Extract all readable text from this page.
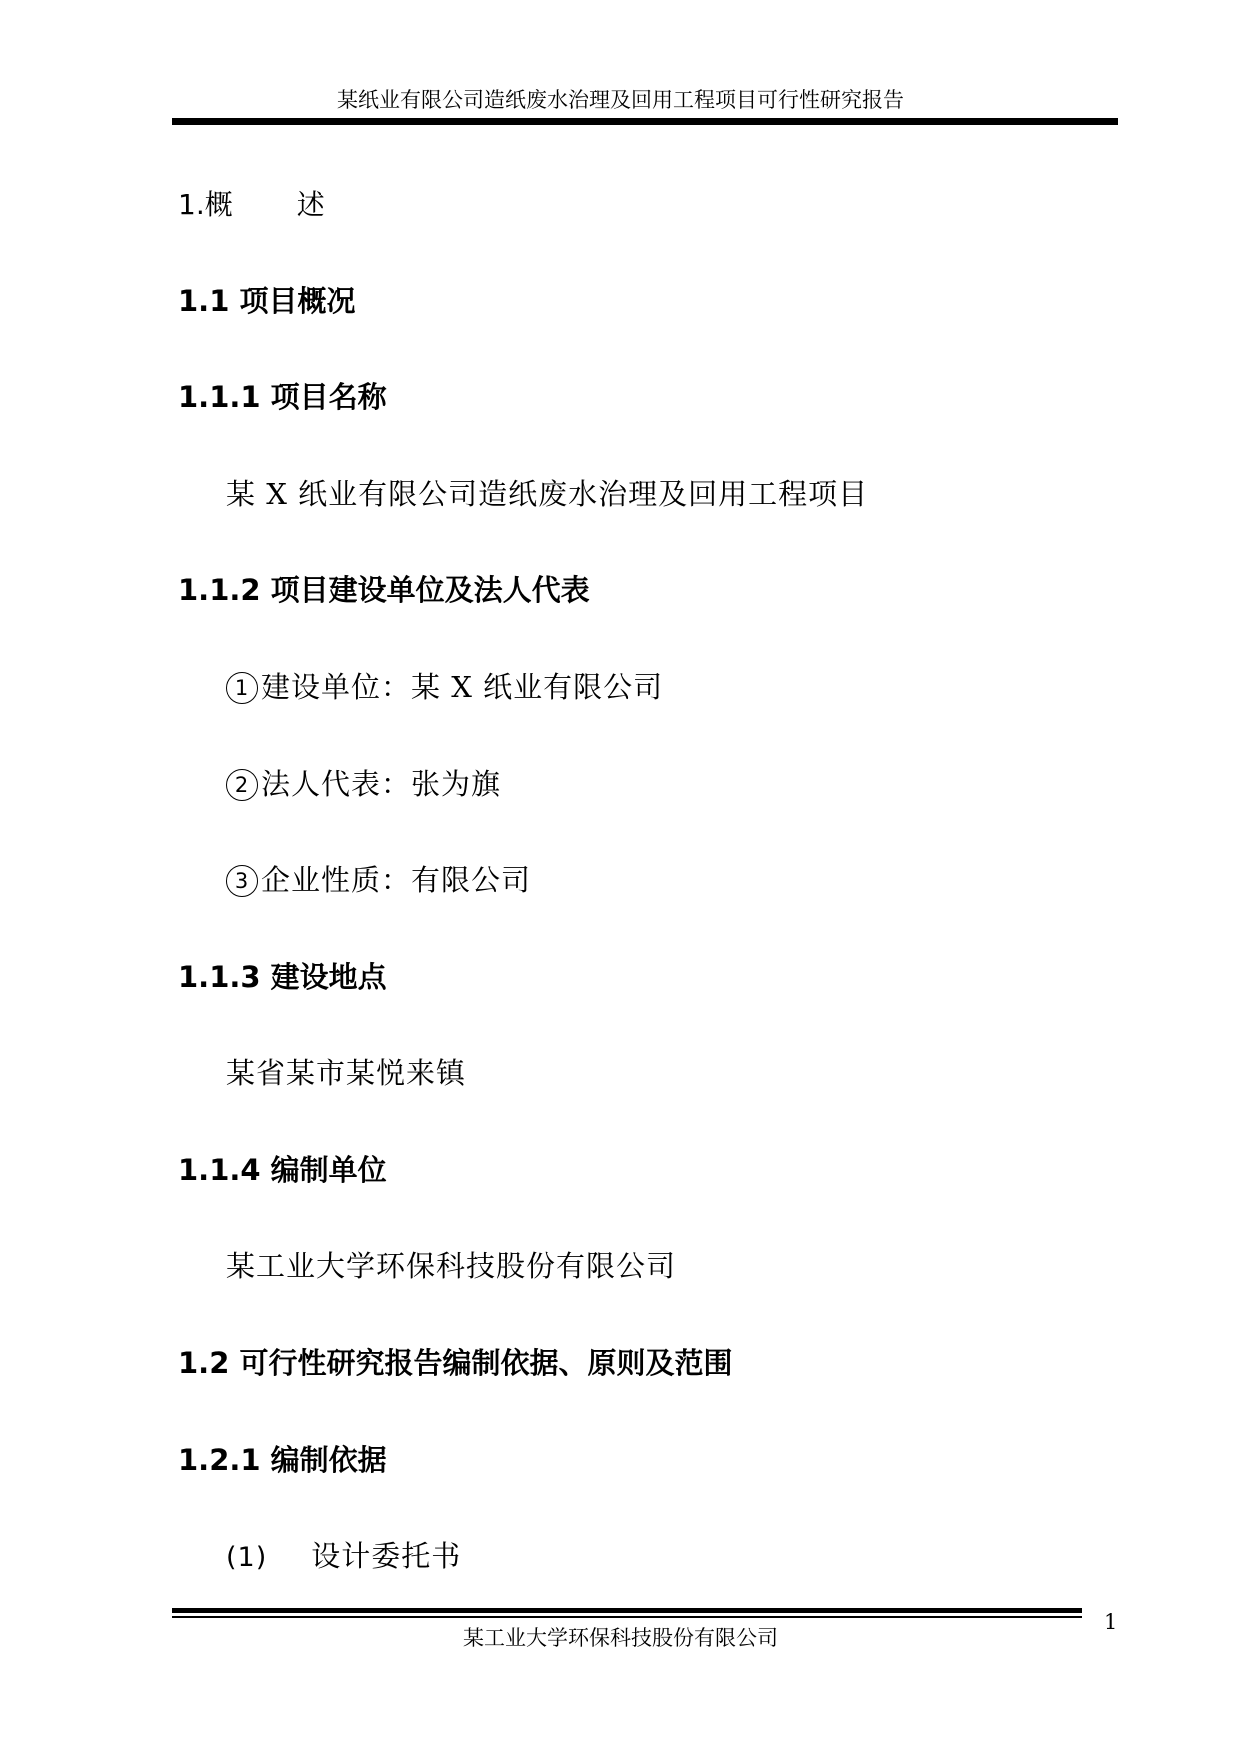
某纸业有限公司造纸废水治理及回用工程项目可行性研究报告
1.概 述
1.1 项目概况
1.1.1 项目名称
某 X 纸业有限公司造纸废水治理及回用工程项目
1.1.2 项目建设单位及法人代表
1 建设单位：某 X 纸业有限公司
2 法人代表：张为旗
3 企业性质：有限公司
1.1.3 建设地点
某省某市某悦来镇
1.1.4 编制单位
某工业大学环保科技股份有限公司
1.2 可行性研究报告编制依据、原则及范围
1.2.1 编制依据
(1) 设计委托书
1
某工业大学环保科技股份有限公司
